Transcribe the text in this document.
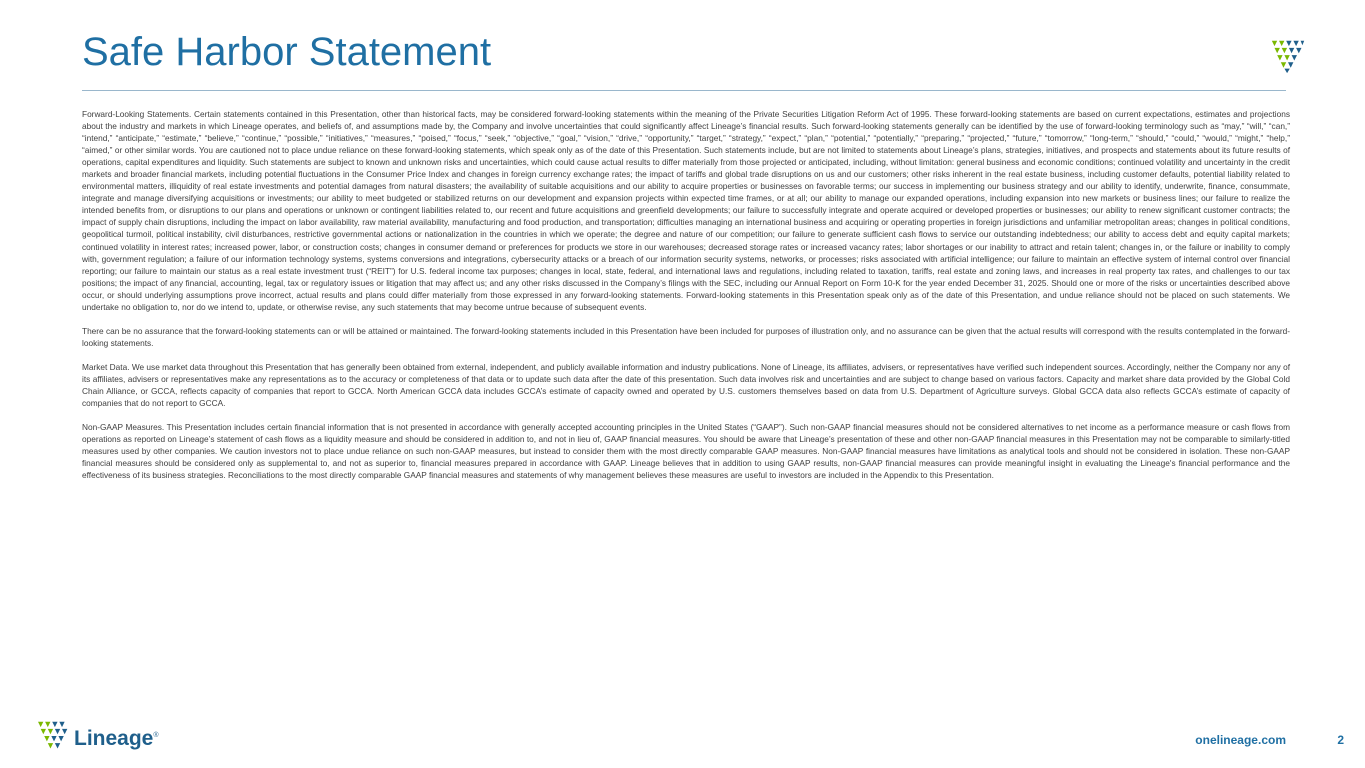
Safe Harbor Statement

Forward-Looking Statements. Certain statements contained in this Presentation, other than historical facts, may be considered forward-looking statements within the meaning of the Private Securities Litigation Reform Act of 1995. These forward-looking statements are based on current expectations, estimates and projections about the industry and markets in which Lineage operates, and beliefs of, and assumptions made by, the Company and involve uncertainties that could significantly affect Lineage’s financial results. Such forward-looking statements generally can be identified by the use of forward-looking terminology such as “may,” “will,” “can,” “intend,” “anticipate,” “estimate,” “believe,” “continue,” “possible,” “initiatives,” “measures,” “poised,” “focus,” “seek,” “objective,” “goal,” “vision,” “drive,” “opportunity,” “target,” “strategy,” “expect,” “plan,” “potential,” “potentially,” “preparing,” “projected,” “future,” “tomorrow,” “long-term,” “should,” “could,” “would,” “might,” “help,” “aimed,” or other similar words. You are cautioned not to place undue reliance on these forward-looking statements, which speak only as of the date of this Presentation. Such statements include, but are not limited to statements about Lineage’s plans, strategies, initiatives, and prospects and statements about its future results of operations, capital expenditures and liquidity. Such statements are subject to known and unknown risks and uncertainties, which could cause actual results to differ materially from those projected or anticipated, including, without limitation: general business and economic conditions; continued volatility and uncertainty in the credit markets and broader financial markets, including potential fluctuations in the Consumer Price Index and changes in foreign currency exchange rates; the impact of tariffs and global trade disruptions on us and our customers; other risks inherent in the real estate business, including customer defaults, potential liability related to environmental matters, illiquidity of real estate investments and potential damages from natural disasters; the availability of suitable acquisitions and our ability to acquire properties or businesses on favorable terms; our success in implementing our business strategy and our ability to identify, underwrite, finance, consummate, integrate and manage diversifying acquisitions or investments; our ability to meet budgeted or stabilized returns on our development and expansion projects within expected time frames, or at all; our ability to manage our expanded operations, including expansion into new markets or business lines; our failure to realize the intended benefits from, or disruptions to our plans and operations or unknown or contingent liabilities related to, our recent and future acquisitions and greenfield developments; our failure to successfully integrate and operate acquired or developed properties or businesses; our ability to renew significant customer contracts; the impact of supply chain disruptions, including the impact on labor availability, raw material availability, manufacturing and food production, and transportation; difficulties managing an international business and acquiring or operating properties in foreign jurisdictions and unfamiliar metropolitan areas; changes in political conditions, geopolitical turmoil, political instability, civil disturbances, restrictive governmental actions or nationalization in the countries in which we operate; the degree and nature of our competition; our failure to generate sufficient cash flows to service our outstanding indebtedness; our ability to access debt and equity capital markets; continued volatility in interest rates; increased power, labor, or construction costs; changes in consumer demand or preferences for products we store in our warehouses; decreased storage rates or increased vacancy rates; labor shortages or our inability to attract and retain talent; changes in, or the failure or inability to comply with, government regulation; a failure of our information technology systems, systems conversions and integrations, cybersecurity attacks or a breach of our information security systems, networks, or processes; risks associated with artificial intelligence; our failure to maintain an effective system of internal control over financial reporting; our failure to maintain our status as a real estate investment trust (“REIT”) for U.S. federal income tax purposes; changes in local, state, federal, and international laws and regulations, including related to taxation, tariffs, real estate and zoning laws, and increases in real property tax rates, and challenges to our tax positions; the impact of any financial, accounting, legal, tax or regulatory issues or litigation that may affect us; and any other risks discussed in the Company’s filings with the SEC, including our Annual Report on Form 10-K for the year ended December 31, 2025. Should one or more of the risks or uncertainties described above occur, or should underlying assumptions prove incorrect, actual results and plans could differ materially from those expressed in any forward-looking statements. Forward-looking statements in this Presentation speak only as of the date of this Presentation, and undue reliance should not be placed on such statements. We undertake no obligation to, nor do we intend to, update, or otherwise revise, any such statements that may become untrue because of subsequent events.

There can be no assurance that the forward-looking statements can or will be attained or maintained. The forward-looking statements included in this Presentation have been included for purposes of illustration only, and no assurance can be given that the actual results will correspond with the results contemplated in the forward-looking statements.

Market Data. We use market data throughout this Presentation that has generally been obtained from external, independent, and publicly available information and industry publications. None of Lineage, its affiliates, advisers, or representatives have verified such independent sources. Accordingly, neither the Company nor any of its affiliates, advisers or representatives make any representations as to the accuracy or completeness of that data or to update such data after the date of this presentation. Such data involves risk and uncertainties and are subject to change based on various factors. Capacity and market share data provided by the Global Cold Chain Alliance, or GCCA, reflects capacity of companies that report to GCCA. North American GCCA data includes GCCA’s estimate of capacity owned and operated by U.S. customers themselves based on data from U.S. Department of Agriculture surveys. Global GCCA data also reflects GCCA’s estimate of capacity of companies that do not report to GCCA.

Non-GAAP Measures. This Presentation includes certain financial information that is not presented in accordance with generally accepted accounting principles in the United States (“GAAP”). Such non-GAAP financial measures should not be considered alternatives to net income as a performance measure or cash flows from operations as reported on Lineage’s statement of cash flows as a liquidity measure and should be considered in addition to, and not in lieu of, GAAP financial measures. You should be aware that Lineage’s presentation of these and other non-GAAP financial measures in this Presentation may not be comparable to similarly-titled measures used by other companies. We caution investors not to place undue reliance on such non-GAAP measures, but instead to consider them with the most directly comparable GAAP measures. Non-GAAP financial measures have limitations as analytical tools and should not be considered in isolation. These non-GAAP financial measures should be considered only as supplemental to, and not as superior to, financial measures prepared in accordance with GAAP. Lineage believes that in addition to using GAAP results, non-GAAP financial measures can provide meaningful insight in evaluating the Lineage's financial performance and the effectiveness of its business strategies. Reconciliations to the most directly comparable GAAP financial measures and statements of why management believes these measures are useful to investors are included in the Appendix to this Presentation.

Lineage®	onelineage.com	2
